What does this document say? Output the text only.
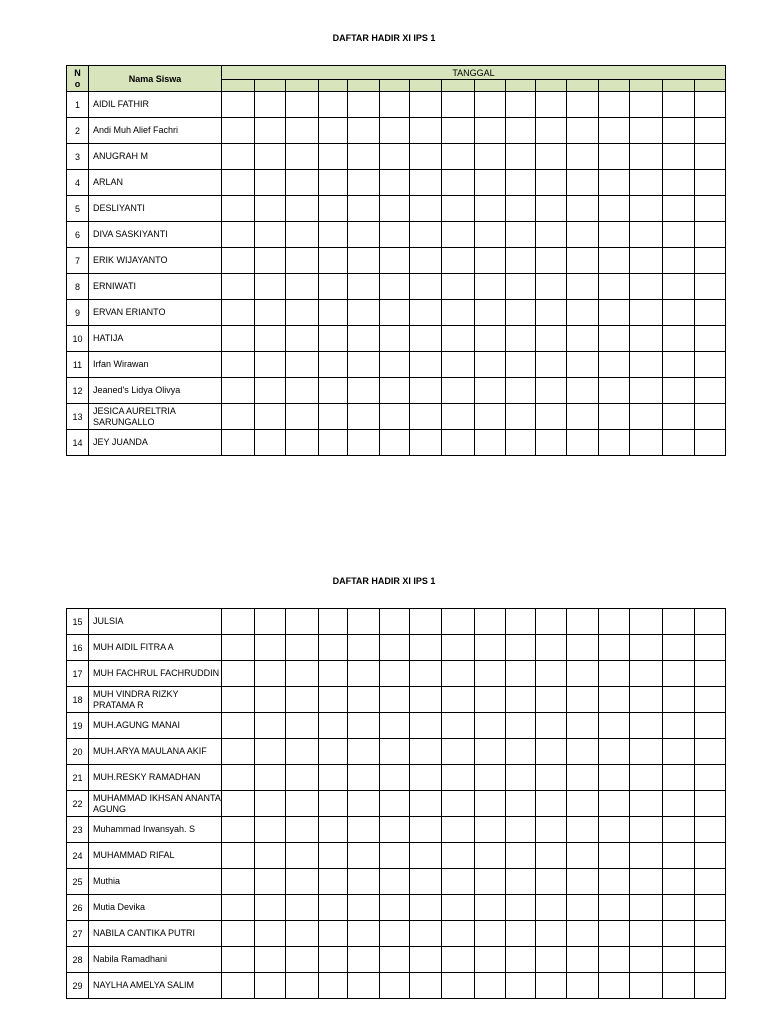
DAFTAR HADIR XI IPS 1
N o	Nama Siswa	TANGGAL															

1	AIDIL FATHIR																
2	Andi Muh Alief Fachri																
3	ANUGRAH M																
4	ARLAN																
5	DESLIYANTI																
6	DIVA SASKIYANTI																
7	ERIK WIJAYANTO																
8	ERNIWATI																
9	ERVAN ERIANTO																
10	HATIJA																
11	Irfan Wirawan																
12	Jeaned's Lidya Olivya																
13	JESICA AURELTRIA SARUNGALLO																
14	JEY JUANDA																
DAFTAR HADIR XI IPS 1
15	JULSIA																
16	MUH AIDIL FITRA A																
17	MUH FACHRUL FACHRUDDIN																
18	MUH VINDRA RIZKY PRATAMA R																
19	MUH.AGUNG MANAI																
20	MUH.ARYA MAULANA AKIF																
21	MUH.RESKY RAMADHAN																
22	MUHAMMAD IKHSAN ANANTA AGUNG																
23	Muhammad Irwansyah. S																
24	MUHAMMAD RIFAL																
25	Muthia																
26	Mutia Devika																
27	NABILA CANTIKA PUTRI																
28	Nabila Ramadhani																
29	NAYLHA AMELYA SALIM																
